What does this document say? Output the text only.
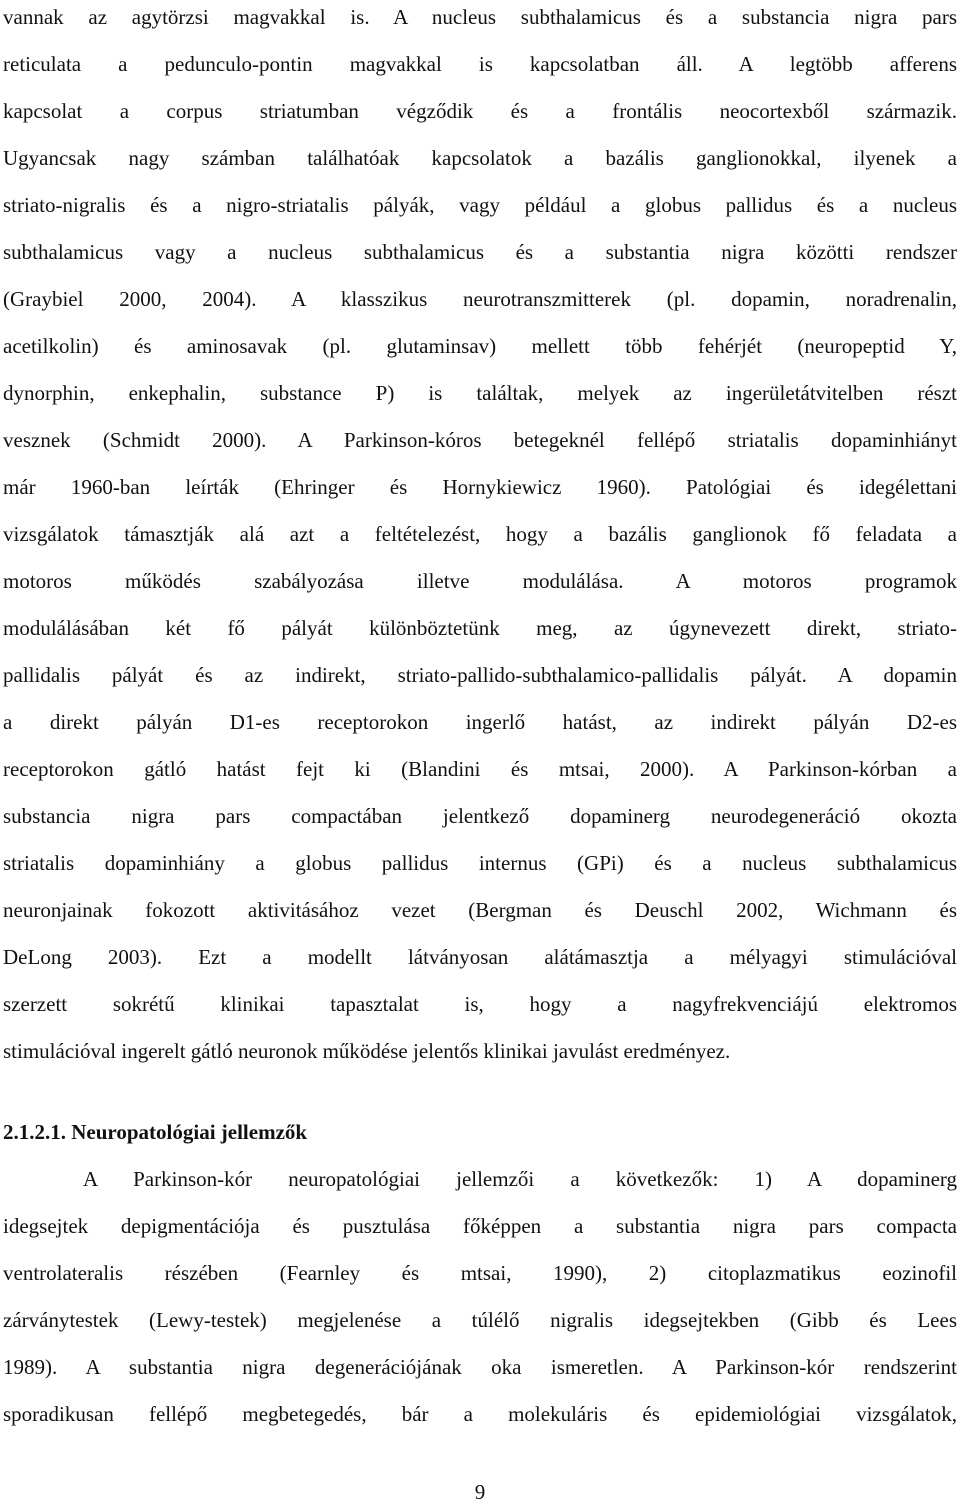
vannak az agytörzsi magvakkal is. A nucleus subthalamicus és a substancia nigra pars
reticulata a pedunculo-pontin magvakkal is kapcsolatban áll. A legtöbb afferens
kapcsolat a corpus striatumban végződik és a frontális neocortexből származik.
Ugyancsak nagy számban találhatóak kapcsolatok a bazális ganglionokkal, ilyenek a
striato-nigralis és a nigro-striatalis pályák, vagy például a globus pallidus és a nucleus
subthalamicus vagy a nucleus subthalamicus és a substantia nigra közötti rendszer
(Graybiel 2000, 2004). A klasszikus neurotranszmitterek (pl. dopamin, noradrenalin,
acetilkolin) és aminosavak (pl. glutaminsav) mellett több fehérjét (neuropeptid Y,
dynorphin, enkephalin, substance P) is találtak, melyek az ingerületátvitelben részt
vesznek (Schmidt 2000). A Parkinson-kóros betegeknél fellépő striatalis dopaminhiányt
már 1960-ban leírták (Ehringer és Hornykiewicz 1960). Patológiai és idegélettani
vizsgálatok támasztják alá azt a feltételezést, hogy a bazális ganglionok fő feladata a
motoros működés szabályozása illetve modulálása. A motoros programok
modulálásában két fő pályát különböztetünk meg, az úgynevezett direkt, striato-
pallidalis pályát és az indirekt, striato-pallido-subthalamico-pallidalis pályát. A dopamin
a direkt pályán D1-es receptorokon ingerlő hatást, az indirekt pályán D2-es
receptorokon gátló hatást fejt ki (Blandini és mtsai, 2000). A Parkinson-kórban a
substancia nigra pars compactában jelentkező dopaminerg neurodegeneráció okozta
striatalis dopaminhiány a globus pallidus internus (GPi) és a nucleus subthalamicus
neuronjainak fokozott aktivitásához vezet (Bergman és Deuschl 2002, Wichmann és
DeLong 2003). Ezt a modellt látványosan alátámasztja a mélyagyi stimulációval
szerzett sokrétű klinikai tapasztalat is, hogy a nagyfrekvenciájú elektromos
stimulációval ingerelt gátló neuronok működése jelentős klinikai javulást eredményez.
2.1.2.1. Neuropatológiai jellemzők
A Parkinson-kór neuropatológiai jellemzői a következők: 1) A dopaminerg
idegsejtek depigmentációja és pusztulása főképpen a substantia nigra pars compacta
ventrolateralis részében (Fearnley és mtsai, 1990), 2) citoplazmatikus eozinofil
zárványtestek (Lewy-testek) megjelenése a túlélő nigralis idegsejtekben (Gibb és Lees
1989). A substantia nigra degenerációjának oka ismeretlen. A Parkinson-kór rendszerint
sporadikusan fellépő megbetegedés, bár a molekuláris és epidemiológiai vizsgálatok,
9
